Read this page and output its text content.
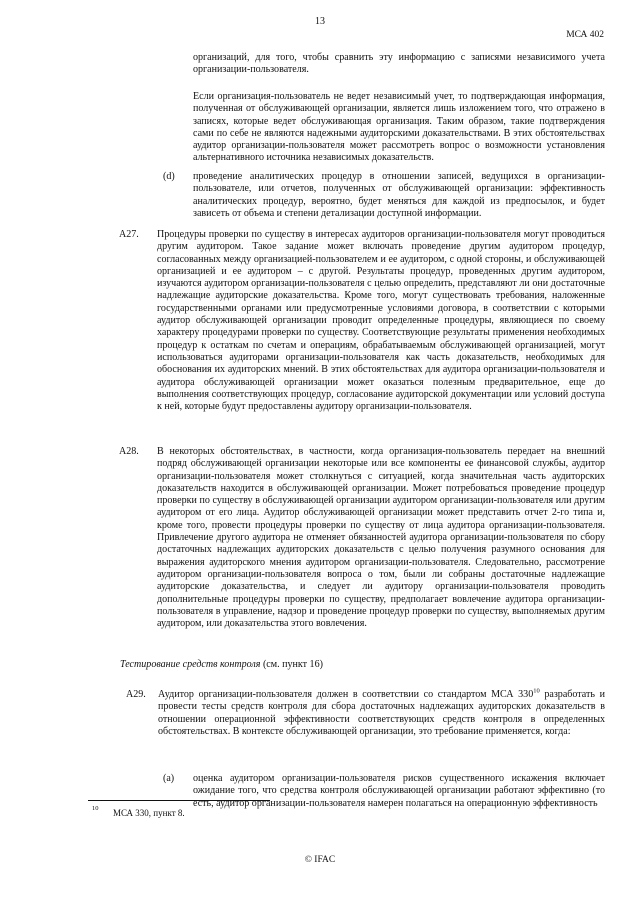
13
МСА 402
организаций, для того, чтобы сравнить эту информацию с записями независимого учета организации-пользователя.
Если организация-пользователь не ведет независимый учет, то подтверждающая информация, полученная от обслуживающей организации, является лишь изложением того, что отражено в записях, которые ведет обслуживающая организация. Таким образом, такие подтверждения сами по себе не являются надежными аудиторскими доказательствами. В этих обстоятельствах аудитор организации-пользователя может рассмотреть вопрос о возможности установления альтернативного источника независимых доказательств.
(d) проведение аналитических процедур в отношении записей, ведущихся в организации-пользователе, или отчетов, полученных от обслуживающей организации: эффективность аналитических процедур, вероятно, будет меняться для каждой из предпосылок, и будет зависеть от объема и степени детализации доступной информации.
A27. Процедуры проверки по существу в интересах аудиторов организации-пользователя могут проводиться другим аудитором. Такое задание может включать проведение другим аудитором процедур, согласованных между организацией-пользователем и ее аудитором, с одной стороны, и обслуживающей организацией и ее аудитором – с другой. Результаты процедур, проведенных другим аудитором, изучаются аудитором организации-пользователя с целью определить, представляют ли они достаточные надлежащие аудиторские доказательства. Кроме того, могут существовать требования, наложенные государственными органами или предусмотренные условиями договора, в соответствии с которыми аудитор обслуживающей организации проводит определенные процедуры, являющиеся по своему характеру процедурами проверки по существу. Соответствующие результаты применения необходимых процедур к остаткам по счетам и операциям, обрабатываемым обслуживающей организацией, могут использоваться аудиторами организации-пользователя как часть доказательств, необходимых для обоснования их аудиторских мнений. В этих обстоятельствах для аудитора организации-пользователя и аудитора обслуживающей организации может оказаться полезным предварительное, еще до выполнения соответствующих процедур, согласование аудиторской документации или условий доступа к ней, которые будут предоставлены аудитору организации-пользователя.
A28. В некоторых обстоятельствах, в частности, когда организация-пользователь передает на внешний подряд обслуживающей организации некоторые или все компоненты ее финансовой службы, аудитор организации-пользователя может столкнуться с ситуацией, когда значительная часть аудиторских доказательств находится в обслуживающей организации. Может потребоваться проведение процедур проверки по существу в обслуживающей организации аудитором организации-пользователя или другим аудитором от его лица. Аудитор обслуживающей организации может представить отчет 2-го типа и, кроме того, провести процедуры проверки по существу от лица аудитора организации-пользователя. Привлечение другого аудитора не отменяет обязанностей аудитора организации-пользователя по сбору достаточных надлежащих аудиторских доказательств с целью получения разумного основания для выражения аудиторского мнения аудитором организации-пользователя. Следовательно, рассмотрение аудитором организации-пользователя вопроса о том, были ли собраны достаточные надлежащие аудиторские доказательства, и следует ли аудитору организации-пользователя проводить дополнительные процедуры проверки по существу, предполагает вовлечение аудитора организации-пользователя в управление, надзор и проведение процедур проверки по существу, выполняемых другим аудитором, или доказательства этого вовлечения.
Тестирование средств контроля (см. пункт 16)
A29. Аудитор организации-пользователя должен в соответствии со стандартом МСА $330^{10}$ разработать и провести тесты средств контроля для сбора достаточных надлежащих аудиторских доказательств в отношении операционной эффективности соответствующих средств контроля в определенных обстоятельствах. В контексте обслуживающей организации, это требование применяется, когда:
(a) оценка аудитором организации-пользователя рисков существенного искажения включает ожидание того, что средства контроля обслуживающей организации работают эффективно (то есть, аудитор организации-пользователя намерен полагаться на операционную эффективность
10 МСА 330, пункт 8.
© IFAC
